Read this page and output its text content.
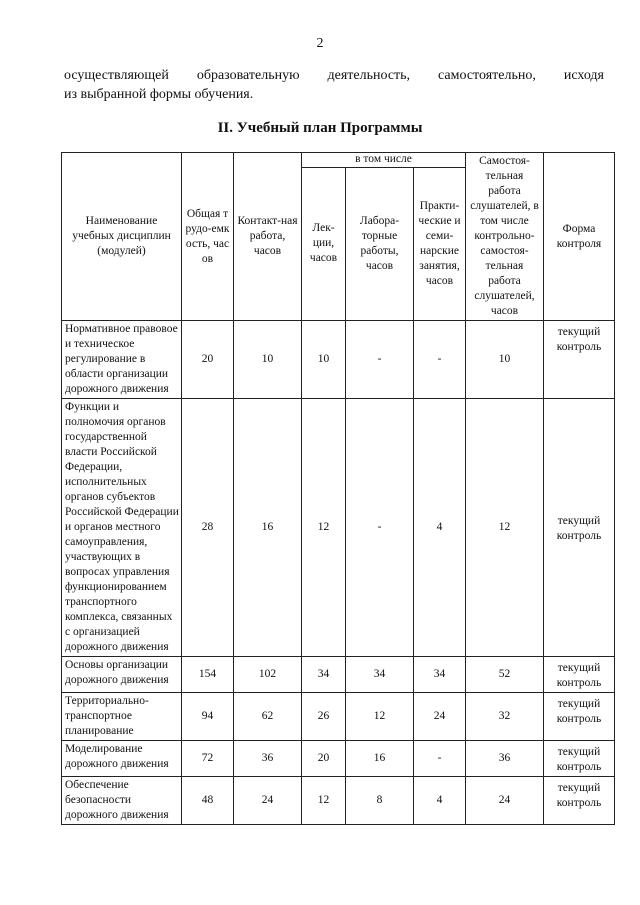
2
осуществляющей образовательную деятельность, самостоятельно, исходя
из выбранной формы обучения.
II. Учебный план Программы
Наименование учебных дисциплин (модулей)	Общая трудо-емкость, часов	Контакт-ная работа, часов	в том числе			Самостоя-тельная работа слушателей, в том числе контрольно-самостоя-тельная работа слушателей, часов	Форма контроля
			Лек-ции, часов	Лабора-торные работы, часов	Практи-ческие и семи-нарские занятия, часов		
Нормативное правовое и техническое регулирование в области организации дорожного движения	20	10	10	-	-	10	текущий контроль
Функции и полномочия органов государственной власти Российской Федерации, исполнительных органов субъектов Российской Федерации и органов местного самоуправления, участвующих в вопросах управления функционированием транспортного комплекса, связанных с организацией дорожного движения	28	16	12	-	4	12	текущий контроль
Основы организации дорожного движения	154	102	34	34	34	52	текущий контроль
Территориально-транспортное планирование	94	62	26	12	24	32	текущий контроль
Моделирование дорожного движения	72	36	20	16	-	36	текущий контроль
Обеспечение безопасности дорожного движения	48	24	12	8	4	24	текущий контроль
